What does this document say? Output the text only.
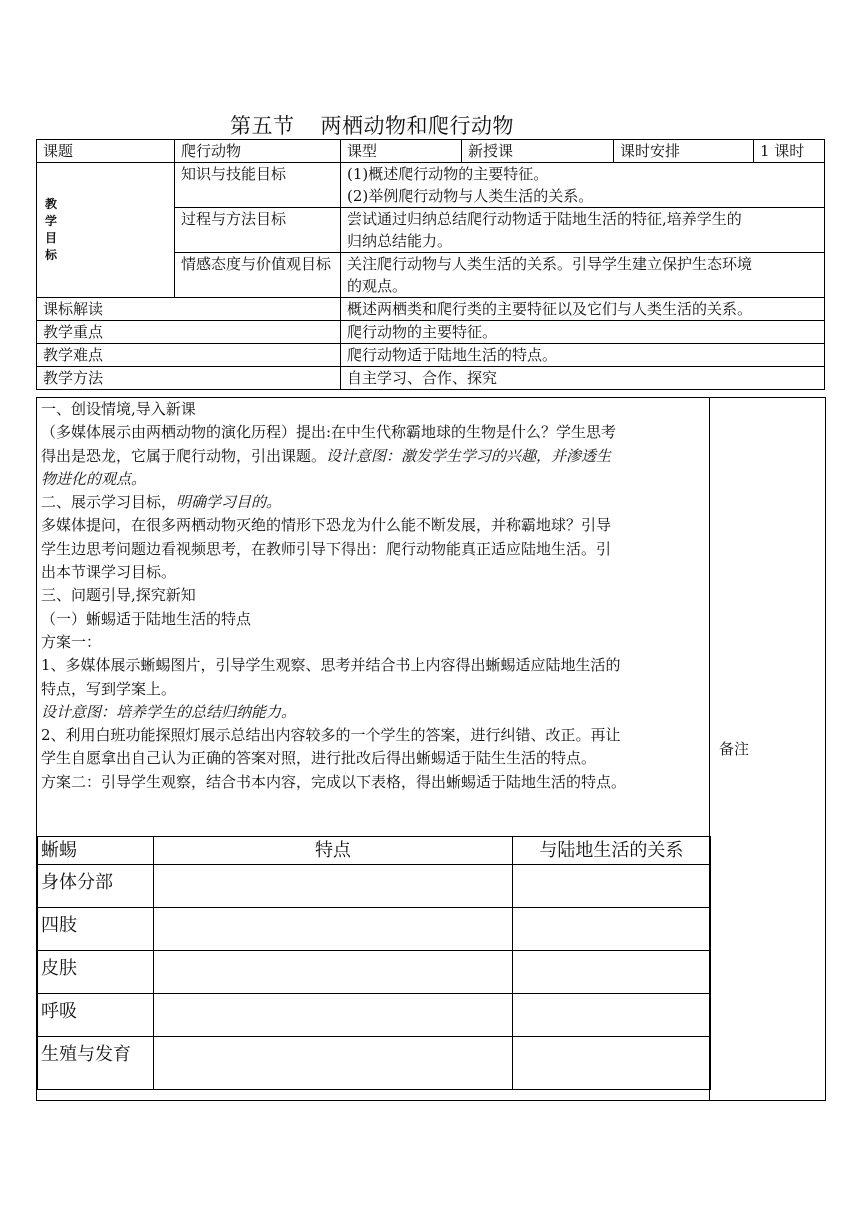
第五节 两栖动物和爬行动物
课题	爬行动物	课型	新授课	课时安排	1 课时

教学目标	知识与技能目标	(1)概述爬行动物的主要特征。
(2)举例爬行动物与人类生活的关系。			

	过程与方法目标	尝试通过归纳总结爬行动物适于陆地生活的特征,培养学生的
归纳总结能力。			

	情感态度与价值观目标	关注爬行动物与人类生活的关系。引导学生建立保护生态环境
的观点。			

课标解读		概述两栖类和爬行类的主要特征以及它们与人类生活的关系。			
教学重点		爬行动物的主要特征。			
教学难点		爬行动物适于陆地生活的特点。			
教学方法		自主学习、合作、探究			

一、创设情境,导入新课

（多媒体展示由两栖动物的演化历程）提出:在中生代称霸地球的生物是什么？学生思考
得出是恐龙，它属于爬行动物，引出课题。设计意图：激发学生学习的兴趣，并渗透生
物进化的观点。

二、展示学习目标，明确学习目的。

多媒体提问，在很多两栖动物灭绝的情形下恐龙为什么能不断发展，并称霸地球？引导
学生边思考问题边看视频思考，在教师引导下得出：爬行动物能真正适应陆地生活。引
出本节课学习目标。

三、问题引导,探究新知

（一）蜥蜴适于陆地生活的特点

方案一：

1、多媒体展示蜥蜴图片，引导学生观察、思考并结合书上内容得出蜥蜴适应陆地生活的
特点，写到学案上。

设计意图：培养学生的总结归纳能力。

2、利用白班功能探照灯展示总结出内容较多的一个学生的答案，进行纠错、改正。再让
学生自愿拿出自己认为正确的答案对照，进行批改后得出蜥蜴适于陆生生活的特点。

方案二：引导学生观察，结合书本内容，完成以下表格，得出蜥蜴适于陆地生活的特点。

蜥蜴	特点	与陆地生活的关系
身体分部		
四肢		
皮肤		
呼吸		
生殖与发育		
备注
